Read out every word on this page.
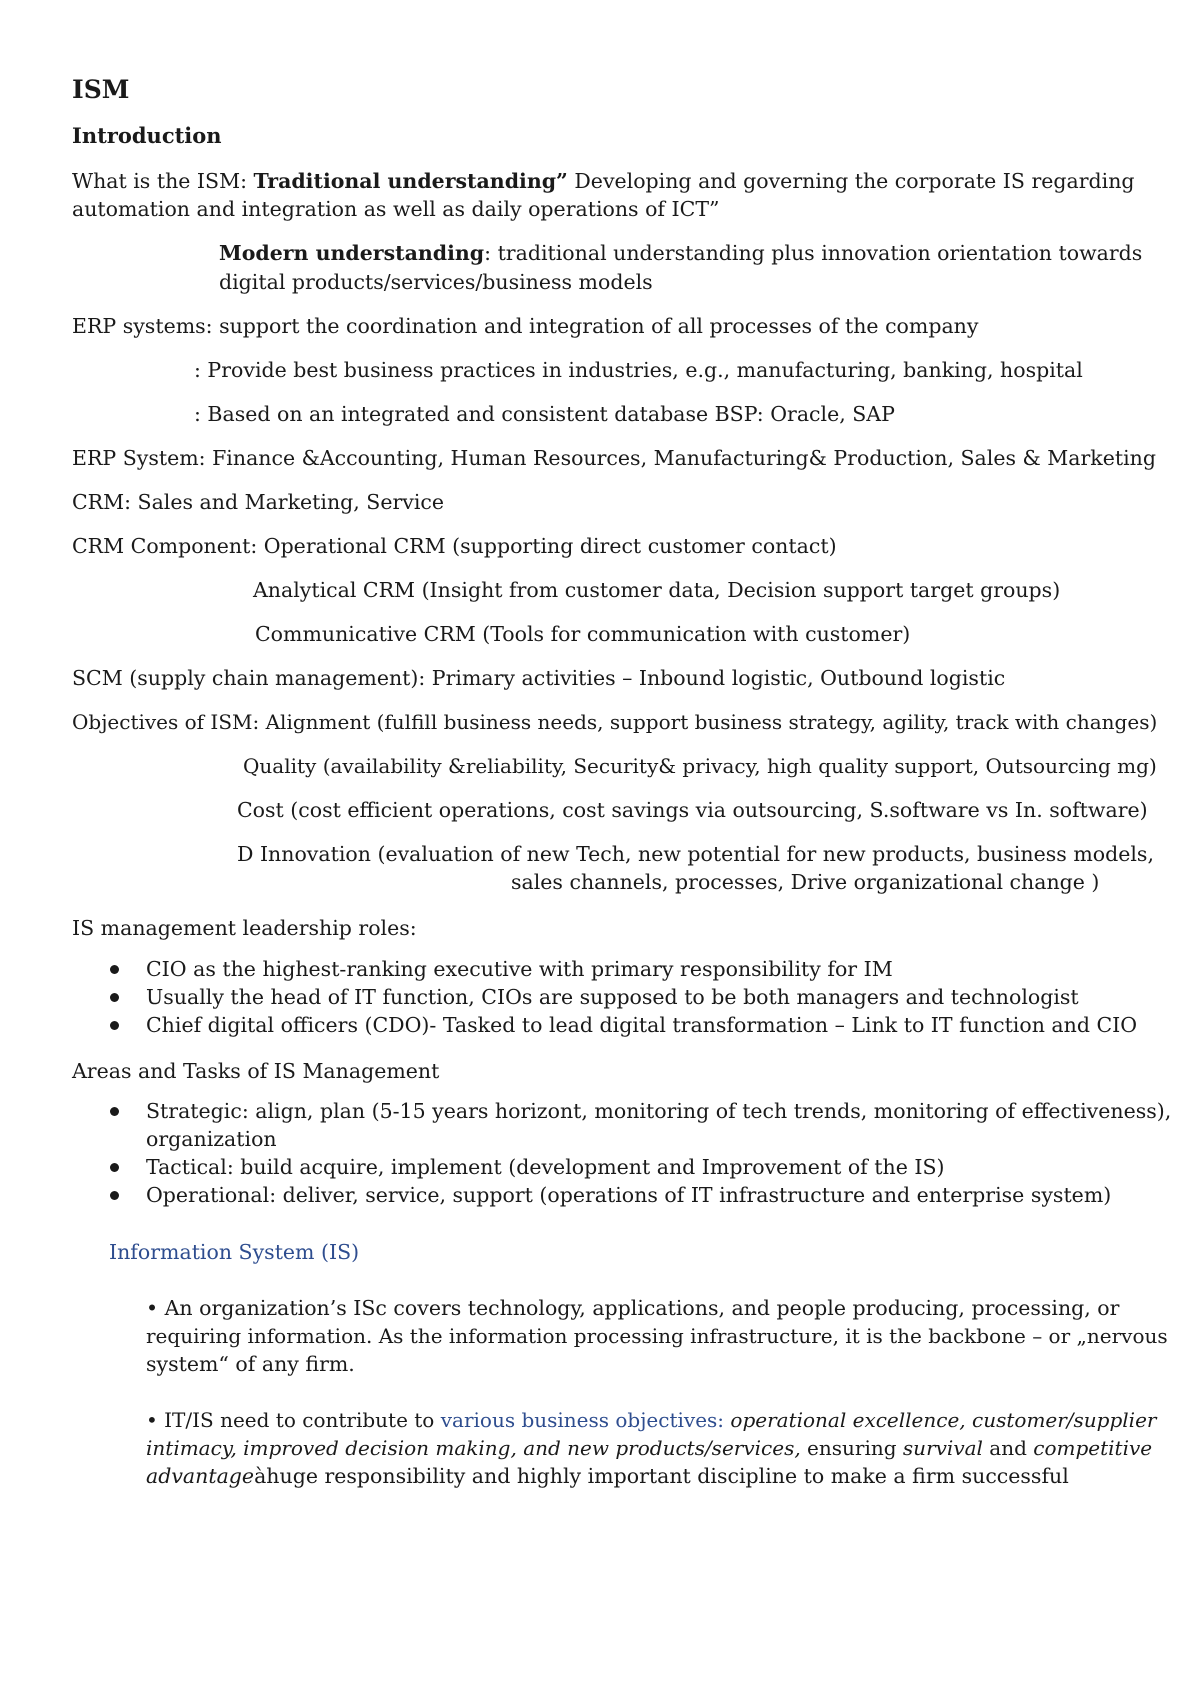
ISM
Introduction
What is the ISM: Traditional understanding” Developing and governing the corporate IS regarding
automation and integration as well as daily operations of ICT”
Modern understanding: traditional understanding plus innovation orientation towards
digital products/services/business models
ERP systems: support the coordination and integration of all processes of the company
: Provide best business practices in industries, e.g., manufacturing, banking, hospital
: Based on an integrated and consistent database BSP: Oracle, SAP
ERP System: Finance &Accounting, Human Resources, Manufacturing& Production, Sales & Marketing
CRM: Sales and Marketing, Service
CRM Component: Operational CRM (supporting direct customer contact)
Analytical CRM (Insight from customer data, Decision support target groups)
Communicative CRM (Tools for communication with customer)
SCM (supply chain management): Primary activities – Inbound logistic, Outbound logistic
Objectives of ISM: Alignment (fulfill business needs, support business strategy, agility, track with changes)
Quality (availability &reliability, Security& privacy, high quality support, Outsourcing mg)
Cost (cost efficient operations, cost savings via outsourcing, S.software vs In. software)
D Innovation (evaluation of new Tech, new potential for new products, business models,
sales channels, processes, Drive organizational change )
IS management leadership roles:
CIO as the highest-ranking executive with primary responsibility for IM
Usually the head of IT function, CIOs are supposed to be both managers and technologist
Chief digital officers (CDO)- Tasked to lead digital transformation – Link to IT function and CIO
Areas and Tasks of IS Management
Strategic: align, plan (5-15 years horizont, monitoring of tech trends, monitoring of effectiveness),
organization
Tactical: build acquire, implement (development and Improvement of the IS)
Operational: deliver, service, support (operations of IT infrastructure and enterprise system)
Information System (IS)
• An organization’s ISc covers technology, applications, and people producing, processing, or
requiring information. As the information processing infrastructure, it is the backbone – or „nervous
system“ of any firm.
• IT/IS need to contribute to various business objectives: operational excellence, customer/supplier
intimacy, improved decision making, and new products/services, ensuring survival and competitive
advantageàhuge responsibility and highly important discipline to make a firm successful
